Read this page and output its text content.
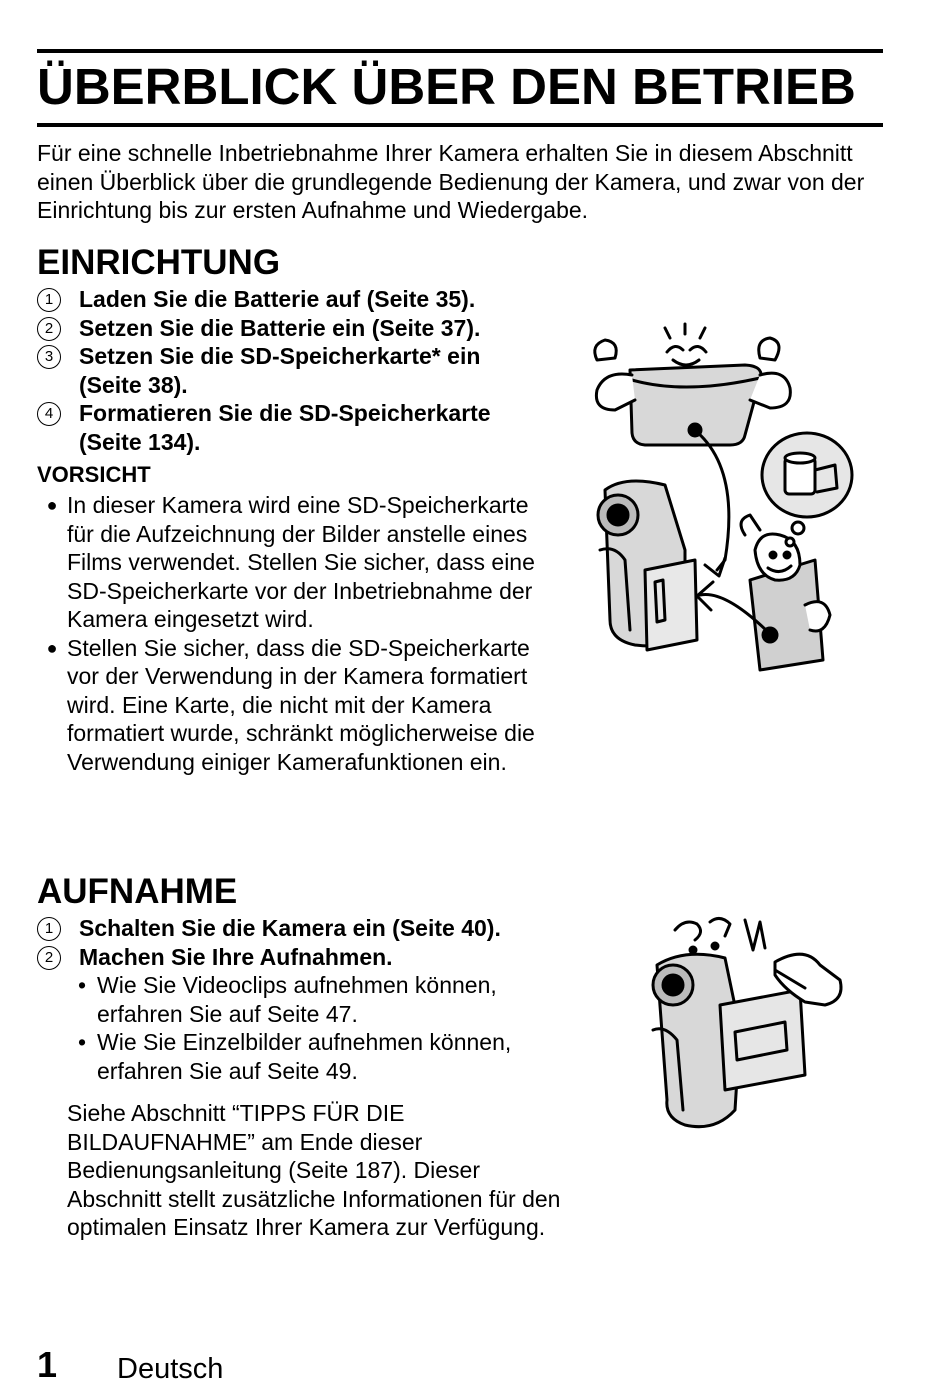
ÜBERBLICK ÜBER DEN BETRIEB

Für eine schnelle Inbetriebnahme Ihrer Kamera erhalten Sie in diesem Abschnitt einen Überblick über die grundlegende Bedienung der Kamera, und zwar von der Einrichtung bis zur ersten Aufnahme und Wiedergabe.

EINRICHTUNG
1	Laden Sie die Batterie auf (Seite 35).
2	Setzen Sie die Batterie ein (Seite 37).
3	Setzen Sie die SD-Speicherkarte* ein (Seite 38).
4	Formatieren Sie die SD-Speicherkarte (Seite 134).

VORSICHT

● In dieser Kamera wird eine SD-Speicherkarte für die Aufzeichnung der Bilder anstelle eines Films verwendet. Stellen Sie sicher, dass eine SD-Speicherkarte vor der Inbetriebnahme der Kamera eingesetzt wird.
● Stellen Sie sicher, dass die SD-Speicherkarte vor der Verwendung in der Kamera formatiert wird. Eine Karte, die nicht mit der Kamera formatiert wurde, schränkt möglicherweise die Verwendung einiger Kamerafunktionen ein.
AUFNAHME
1	Schalten Sie die Kamera ein (Seite 40).
2	Machen Sie Ihre Aufnahmen.
• Wie Sie Videoclips aufnehmen können, erfahren Sie auf Seite 47.
• Wie Sie Einzelbilder aufnehmen können, erfahren Sie auf Seite 49.

Siehe Abschnitt “TIPPS FÜR DIE BILDAUFNAHME” am Ende dieser Bedienungsanleitung (Seite 187). Dieser Abschnitt stellt zusätzliche Informationen für den optimalen Einsatz Ihrer Kamera zur Verfügung.

1 Deutsch
